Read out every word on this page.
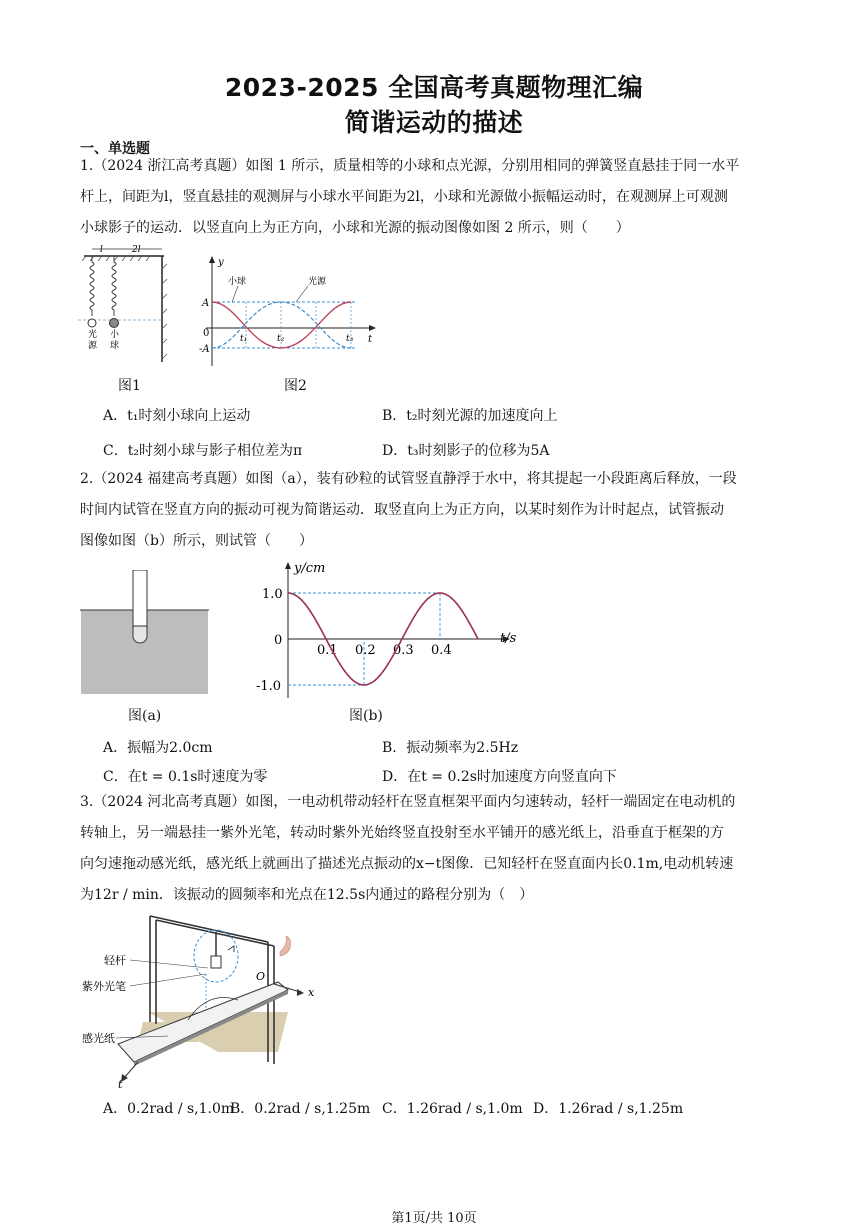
2023-2025 全国高考真题物理汇编
简谐运动的描述
一、单选题
1.（2024 浙江高考真题）如图 1 所示，质量相等的小球和点光源，分别用相同的弹簧竖直悬挂于同一水平
杆上，间距为l，竖直悬挂的观测屏与小球水平间距为2l，小球和光源做小振幅运动时，在观测屏上可观测
小球影子的运动．以竖直向上为正方向，小球和光源的振动图像如图 2 所示，则（　　）
l	2l
光
源
小
球
图1
y
t
A
-A
0	t₁	t₂	t₃
小球	光源
图2
A．t₁时刻小球向上运动	B．t₂时刻光源的加速度向上
C．t₂时刻小球与影子相位差为π	D．t₃时刻影子的位移为5A
2.（2024 福建高考真题）如图（a），装有砂粒的试管竖直静浮于水中，将其提起一小段距离后释放，一段
时间内试管在竖直方向的振动可视为简谐运动．取竖直向上为正方向，以某时刻作为计时起点，试管振动
图像如图（b）所示，则试管（　　）
图(a)
y/cm
t/s
1.0
0
-1.0
0.1 0.2 0.3 0.4
图(b)
A．振幅为2.0cm	B．振动频率为2.5Hz
C．在t = 0.1s时速度为零	D．在t = 0.2s时加速度方向竖直向下
3.（2024 河北高考真题）如图，一电动机带动轻杆在竖直框架平面内匀速转动，轻杆一端固定在电动机的
转轴上，另一端悬挂一紫外光笔，转动时紫外光始终竖直投射至水平铺开的感光纸上，沿垂直于框架的方
向匀速拖动感光纸，感光纸上就画出了描述光点振动的x−t图像．已知轻杆在竖直面内长0.1m,电动机转速
为12r / min．该振动的圆频率和光点在12.5s内通过的路程分别为（　）
x
t
O
轻杆
紫外光笔
感光纸
A．0.2rad / s,1.0m
B．0.2rad / s,1.25m C．1.26rad / s,1.0m D．1.26rad / s,1.25m
第1页/共 10页
